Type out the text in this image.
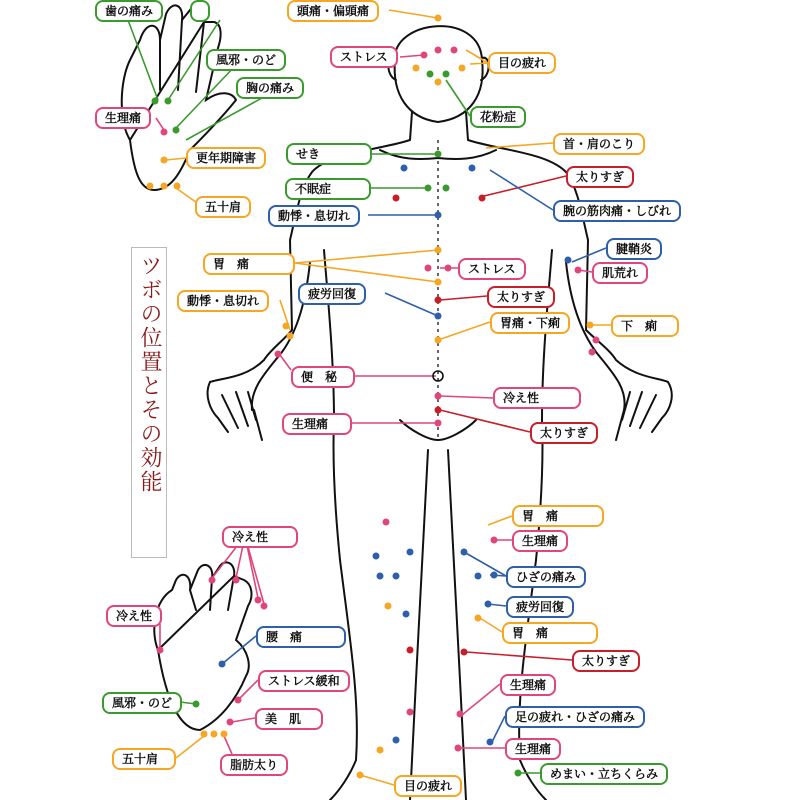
ツボの位置とその効能
歯の痛み	頭痛・偏頭痛
ストレス	目の疲れ
風邪・のど
胸の痛み
生理痛	花粉症
首・肩のこり
更年期障害	せき
太りすぎ
不眠症
五十肩	腕の筋肉痛・しびれ
動悸・息切れ
腱鞘炎
胃　痛	ストレス	肌荒れ
動悸・息切れ	疲労回復	太りすぎ
胃痛・下痢	下　痢
便　秘
冷え性
生理痛
太りすぎ
胃　痛
冷え性	生理痛
ひざの痛み
冷え性
疲労回復
胃　痛
腰　痛
太りすぎ
ストレス緩和	生理痛
風邪・のど
美　肌	足の疲れ・ひざの痛み
五十肩	脂肪太り
生理痛
目の疲れ
めまい・立ちくらみ
